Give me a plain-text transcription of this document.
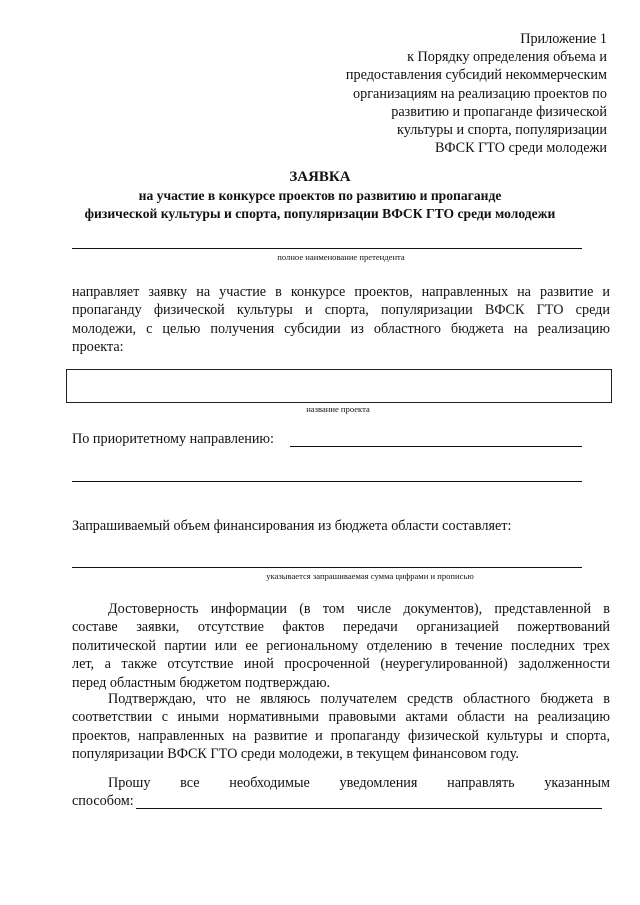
Приложение 1
к Порядку определения объема и
предоставления субсидий некоммерческим
организациям на реализацию проектов по
развитию и пропаганде физической
культуры и спорта, популяризации
ВФСК ГТО среди молодежи
ЗАЯВКА
на участие в конкурсе проектов по развитию и пропаганде
физической культуры и спорта, популяризации ВФСК ГТО среди молодежи
полное наименование претендента
направляет заявку на участие в конкурсе проектов, направленных на развитие и
пропаганду физической культуры и спорта, популяризации ВФСК ГТО среди
молодежи, с целью получения субсидии из областного бюджета на реализацию
проекта:
название проекта
По приоритетному направлению:
Запрашиваемый объем финансирования из бюджета области составляет:
указывается запрашиваемая сумма цифрами и прописью
Достоверность информации (в том числе документов), представленной в
составе заявки, отсутствие фактов передачи организацией пожертвований
политической партии или ее региональному отделению в течение последних трех
лет, а также отсутствие иной просроченной (неурегулированной) задолженности
перед областным бюджетом подтверждаю.
Подтверждаю, что не являюсь получателем средств областного бюджета в
соответствии с иными нормативными правовыми актами области на реализацию
проектов, направленных на развитие и пропаганду физической культуры и спорта,
популяризации ВФСК ГТО среди молодежи, в текущем финансовом году.
Прошу все необходимые уведомления направлять указанным
способом:
